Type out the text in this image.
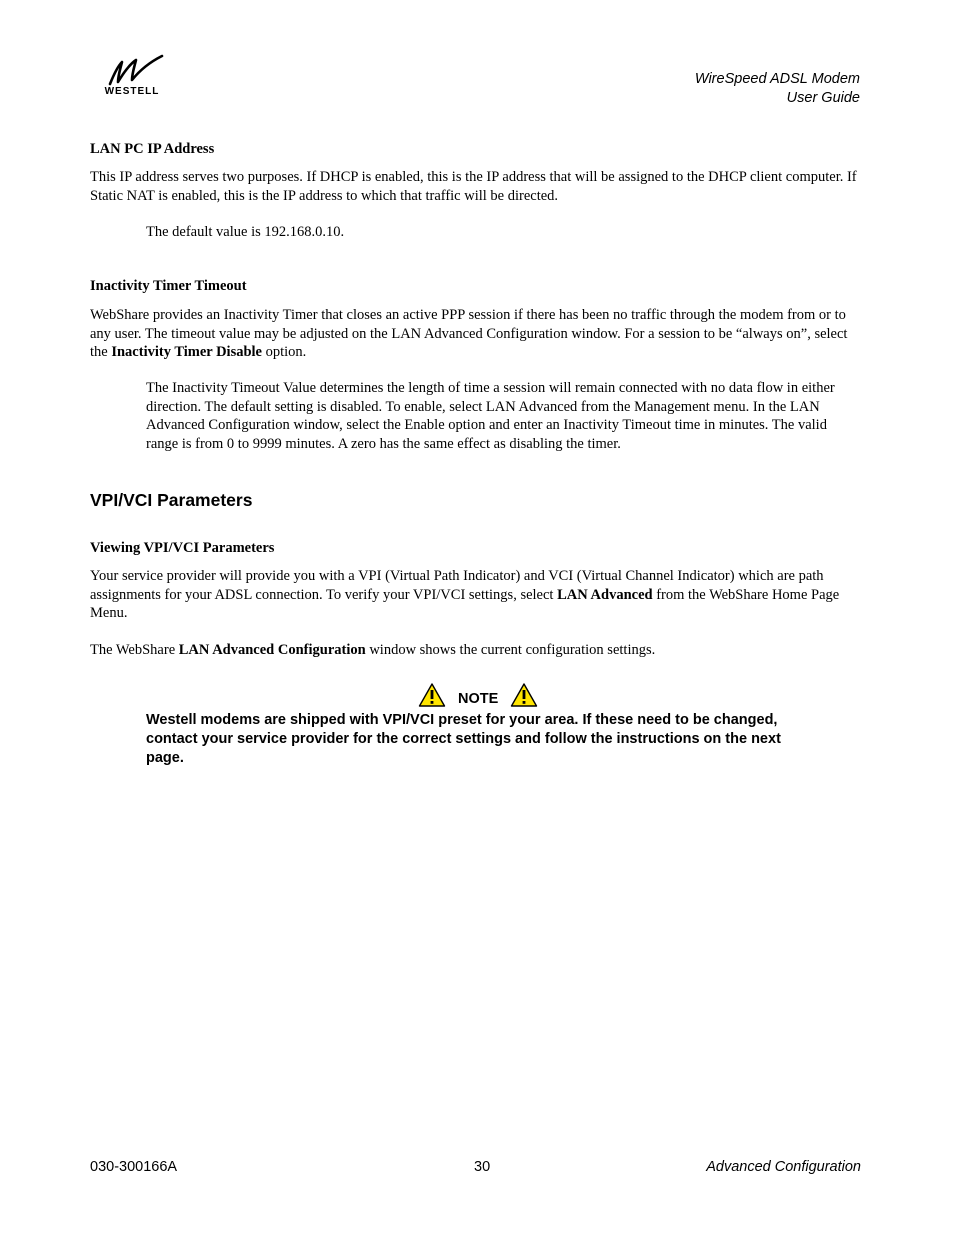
WESTELL
WireSpeed ADSL Modem
User Guide
LAN PC IP Address
This IP address serves two purposes. If DHCP is enabled, this is the IP address that will be assigned to the DHCP client computer. If Static NAT is enabled, this is the IP address to which that traffic will be directed.
The default value is 192.168.0.10.
Inactivity Timer Timeout
WebShare provides an Inactivity Timer that closes an active PPP session if there has been no traffic through the modem from or to any user. The timeout value may be adjusted on the LAN Advanced Configuration window. For a session to be “always on”, select the Inactivity Timer Disable option.
The Inactivity Timeout Value determines the length of time a session will remain connected with no data flow in either direction. The default setting is disabled. To enable, select LAN Advanced from the Management menu. In the LAN Advanced Configuration window, select the Enable option and enter an Inactivity Timeout time in minutes. The valid range is from 0 to 9999 minutes. A zero has the same effect as disabling the timer.
VPI/VCI Parameters
Viewing VPI/VCI Parameters
Your service provider will provide you with a VPI (Virtual Path Indicator) and VCI (Virtual Channel Indicator) which are path assignments for your ADSL connection. To verify your VPI/VCI settings, select LAN Advanced from the WebShare Home Page Menu.
The WebShare LAN Advanced Configuration window shows the current configuration settings.
NOTE
Westell modems are shipped with VPI/VCI preset for your area. If these need to be changed, contact your service provider for the correct settings and follow the instructions on the next page.
030-300166A	30	Advanced Configuration
